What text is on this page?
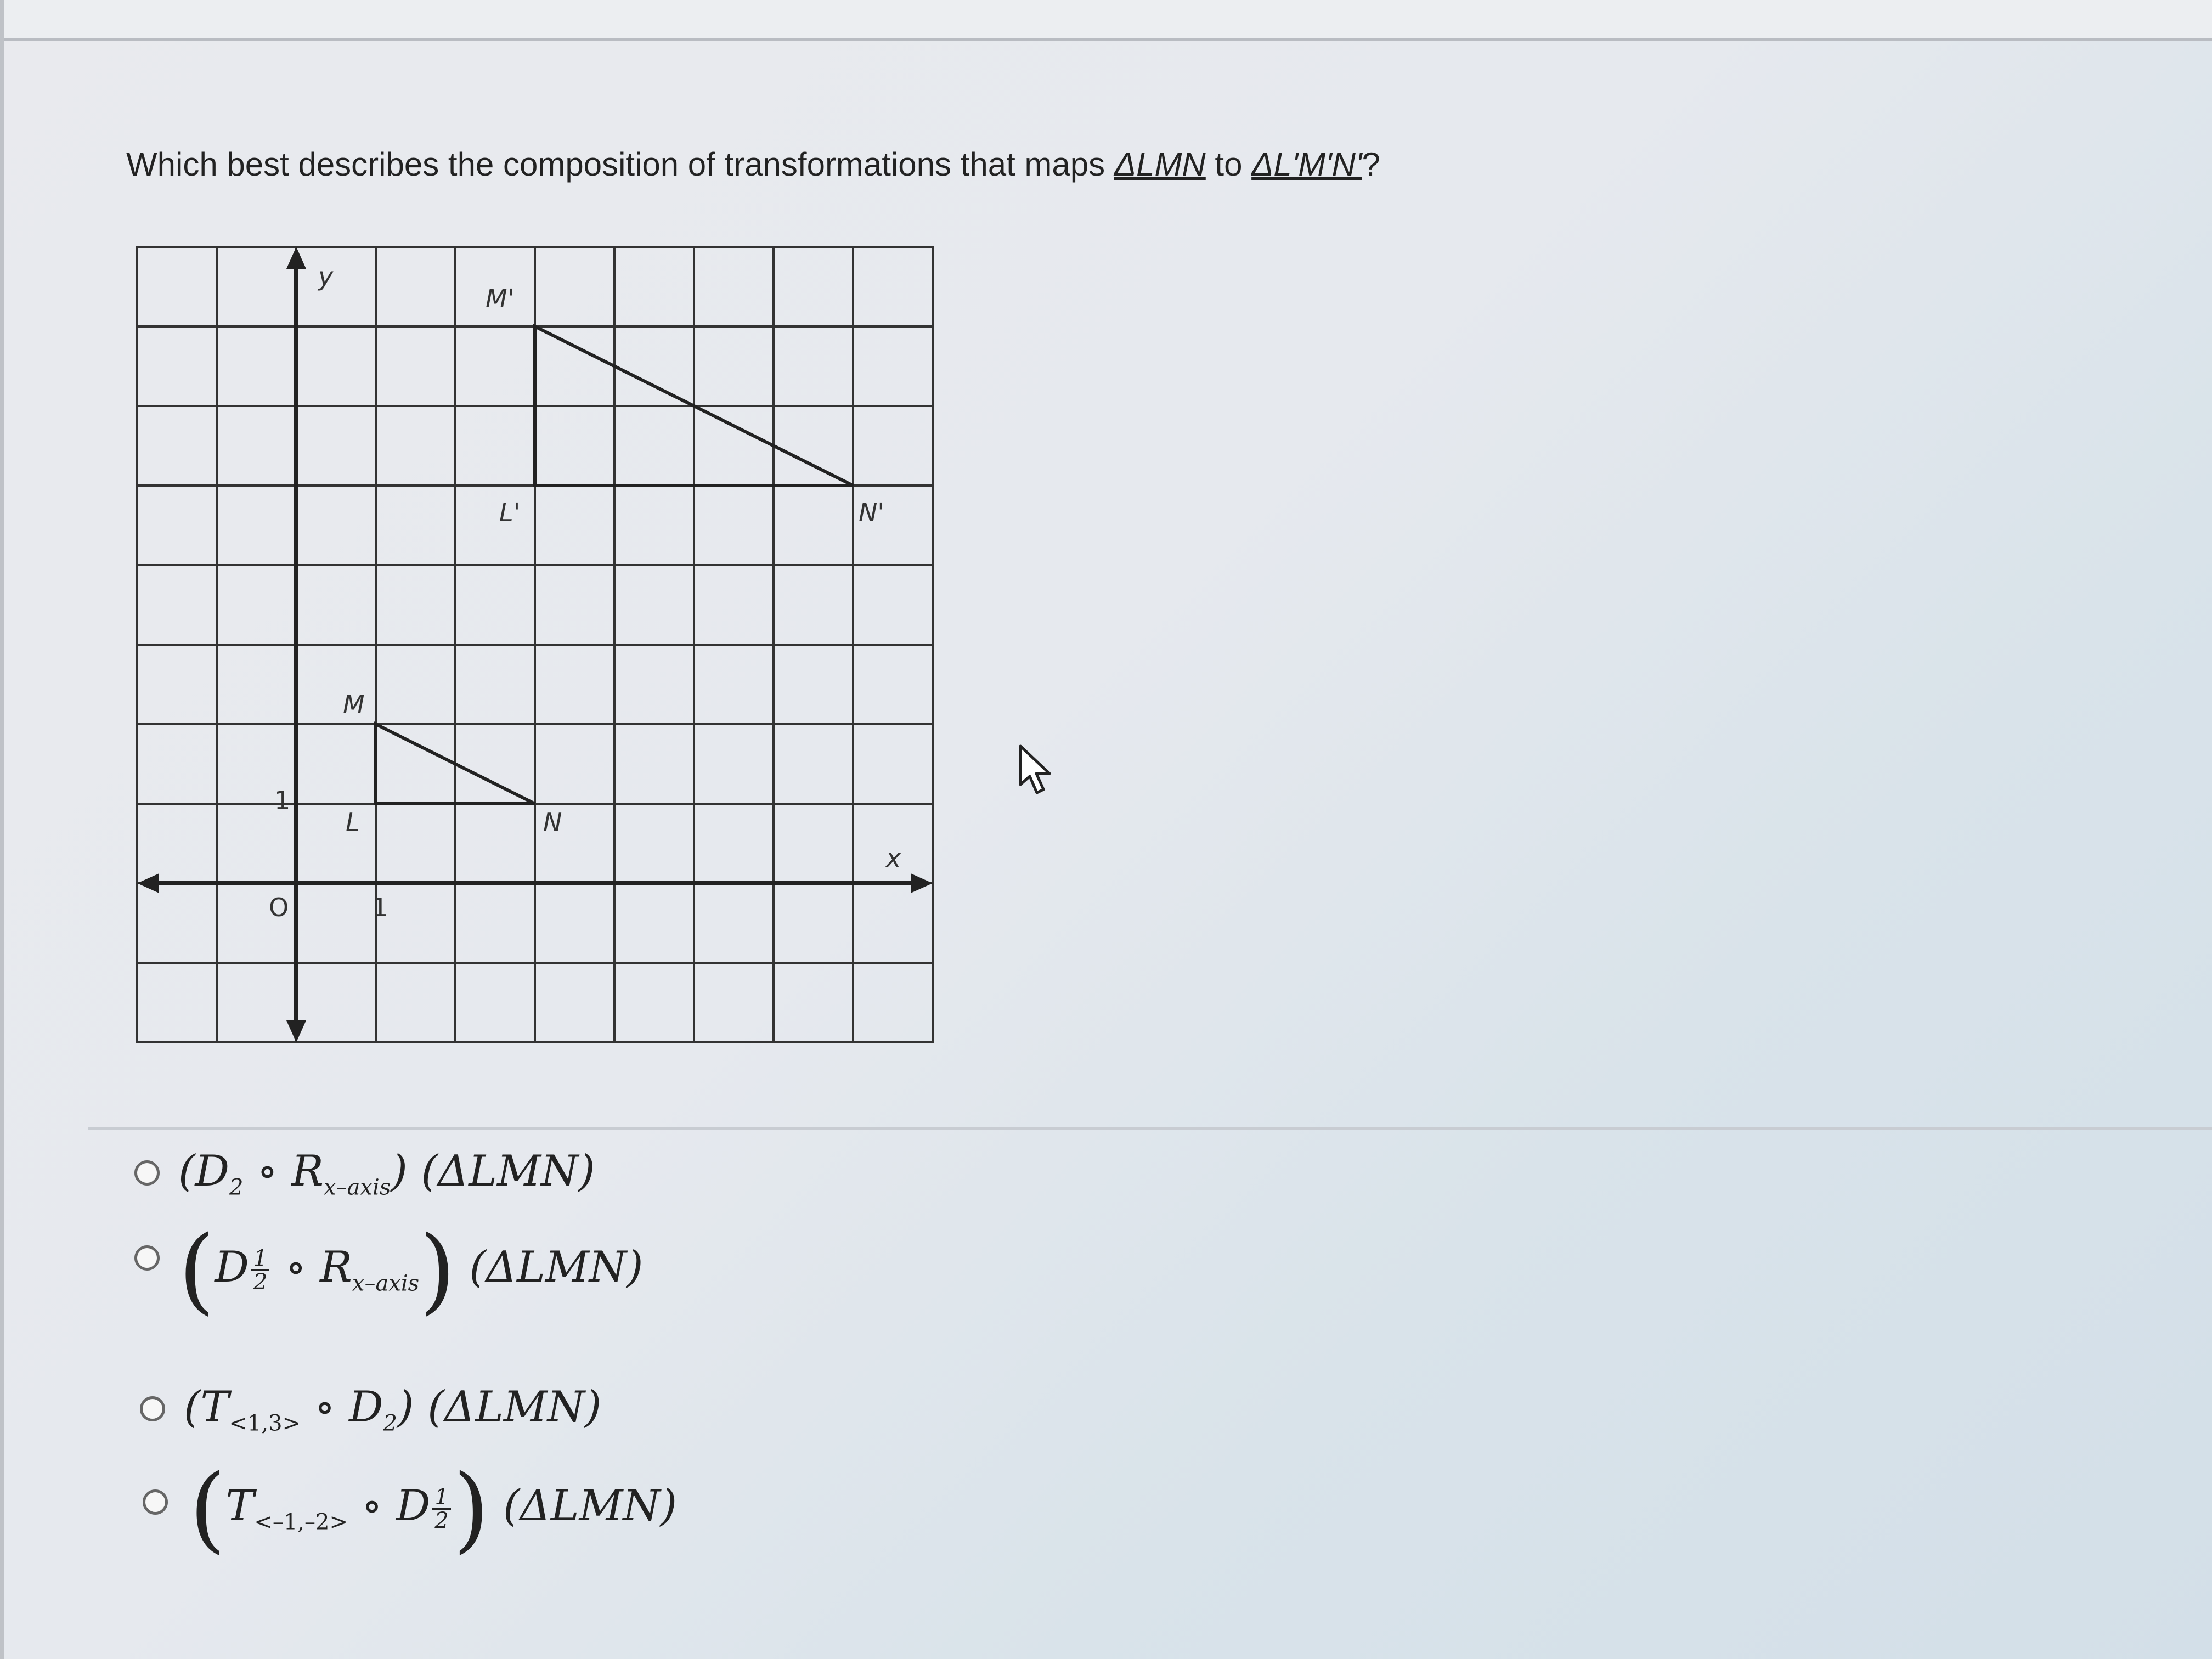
Which best describes the composition of transformations that maps ΔLMN to ΔL'M'N'?
y
x
O	1
1
M'
L'	N'
M
L	N
($D_2$ ∘ $R_{x-axis}$) (ΔLMN)
($D \frac{1}{2}$ ∘ $R_{x-axis}$) (ΔLMN)
($T_{<1,3>}$ ∘ $D_2$) (ΔLMN)
($T_{<-1,-2>}$ ∘ D $\frac{1}{2}$ ) (ΔLMN)
